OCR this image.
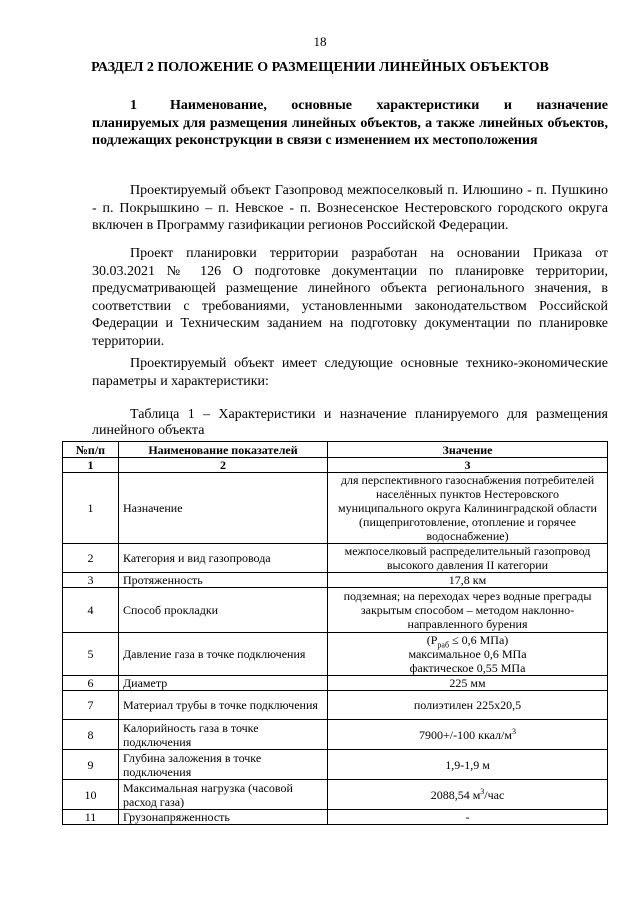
18
РАЗДЕЛ 2 ПОЛОЖЕНИЕ О РАЗМЕЩЕНИИ ЛИНЕЙНЫХ ОБЪЕКТОВ
1 Наименование, основные характеристики и назначение планируемых для размещения линейных объектов, а также линейных объектов, подлежащих реконструкции в связи с изменением их местоположения

Проектируемый объект Газопровод межпоселковый п. Илюшино - п. Пушкино - п. Покрышкино – п. Невское - п. Вознесенское Нестеровского городского округа включен в Программу газификации регионов Российской Федерации.

Проект планировки территории разработан на основании Приказа от 30.03.2021 № 126 О подготовке документации по планировке территории, предусматривающей размещение линейного объекта регионального значения, в соответствии с требованиями, установленными законодательством Российской Федерации и Техническим заданием на подготовку документации по планировке территории.

Проектируемый объект имеет следующие основные технико-экономические параметры и характеристики:

Таблица 1 – Характеристики и назначение планируемого для размещения линейного объекта
№п/п	Наименование показателей	Значение
1	2	3
1	Назначение	для перспективного газоснабжения потребителей населённых пунктов Нестеровского муниципального округа Калининградской области (пищеприготовление, отопление и горячее водоснабжение)
2	Категория и вид газопровода	межпоселковый распределительный газопровод высокого давления II категории
3	Протяженность	17,8 км
4	Способ прокладки	подземная; на переходах через водные преграды закрытым способом – методом наклонно-направленного бурения
5	Давление газа в точке подключения	($P_{раб} \le 0,6$ МПа)
максимальное 0,6 МПа
фактическое 0,55 МПа
6	Диаметр	225 мм
7	Материал трубы в точке подключения	полиэтилен 225х20,5
8	Калорийность газа в точке подключения	7900+/-100 ккал/$м^3$
9	Глубина заложения в точке подключения	1,9-1,9 м
10	Максимальная нагрузка (часовой расход газа)	2088,54 $м^3$/час
11	Грузонапряженность	-
